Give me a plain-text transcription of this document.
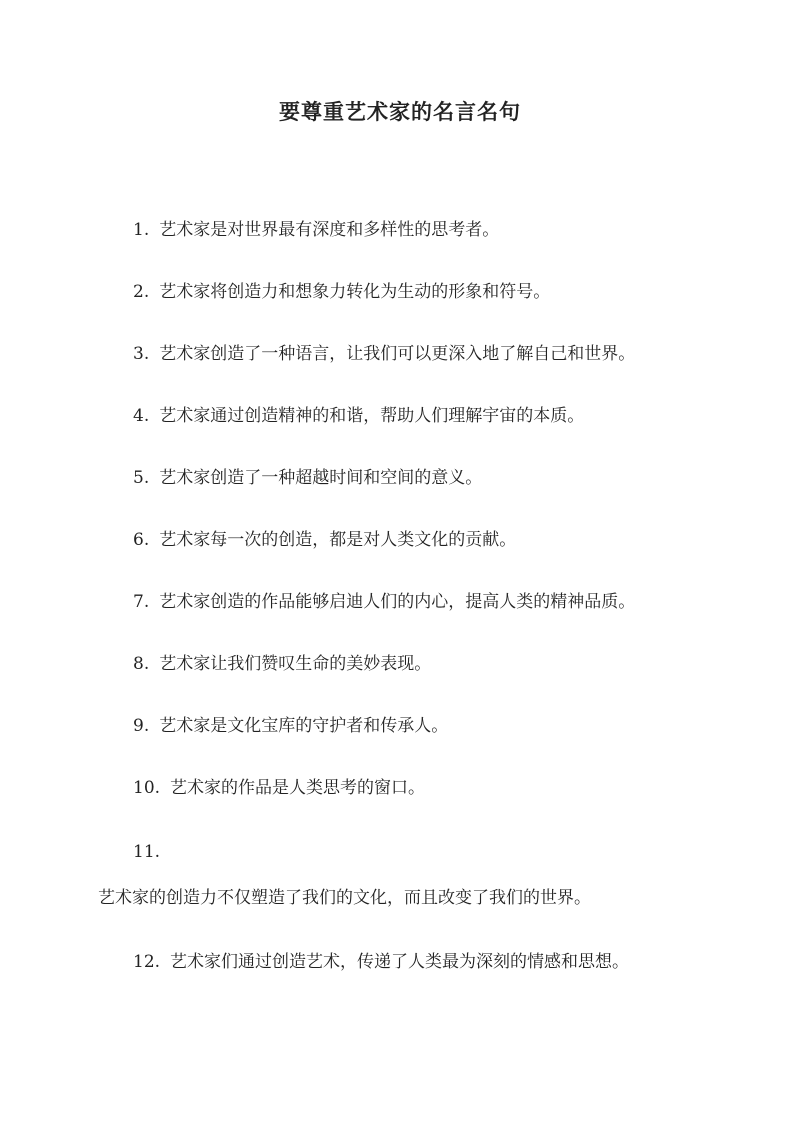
要尊重艺术家的名言名句

1. 艺术家是对世界最有深度和多样性的思考者。

2. 艺术家将创造力和想象力转化为生动的形象和符号。

3. 艺术家创造了一种语言，让我们可以更深入地了解自己和世界。

4. 艺术家通过创造精神的和谐，帮助人们理解宇宙的本质。

5. 艺术家创造了一种超越时间和空间的意义。

6. 艺术家每一次的创造，都是对人类文化的贡献。

7. 艺术家创造的作品能够启迪人们的内心，提高人类的精神品质。

8. 艺术家让我们赞叹生命的美妙表现。

9. 艺术家是文化宝库的守护者和传承人。

10. 艺术家的作品是人类思考的窗口。

11.

艺术家的创造力不仅塑造了我们的文化，而且改变了我们的世界。

12. 艺术家们通过创造艺术，传递了人类最为深刻的情感和思想。
